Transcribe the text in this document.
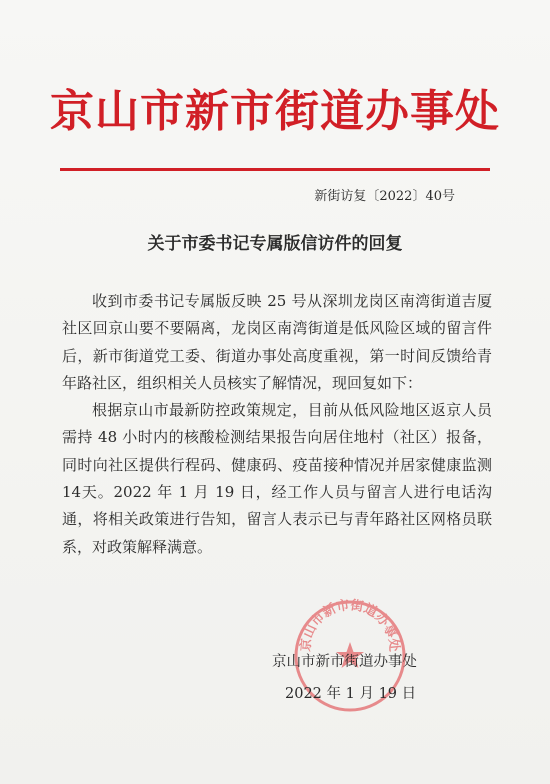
京山市新市街道办事处
新街访复〔2022〕40号
关于市委书记专属版信访件的回复

收到市委书记专属版反映 25 号从深圳龙岗区南湾街道吉厦社区回京山要不要隔离，龙岗区南湾街道是低风险区域的留言件后，新市街道党工委、街道办事处高度重视，第一时间反馈给青年路社区，组织相关人员核实了解情况，现回复如下：

根据京山市最新防控政策规定，目前从低风险地区返京人员需持 48 小时内的核酸检测结果报告向居住地村（社区）报备，同时向社区提供行程码、健康码、疫苗接种情况并居家健康监测14天。2022 年 1 月 19 日，经工作人员与留言人进行电话沟通，将相关政策进行告知，留言人表示已与青年路社区网格员联系，对政策解释满意。

京山市新市街道办事处
京山市新市街道办事处
2022 年 1 月 19 日
